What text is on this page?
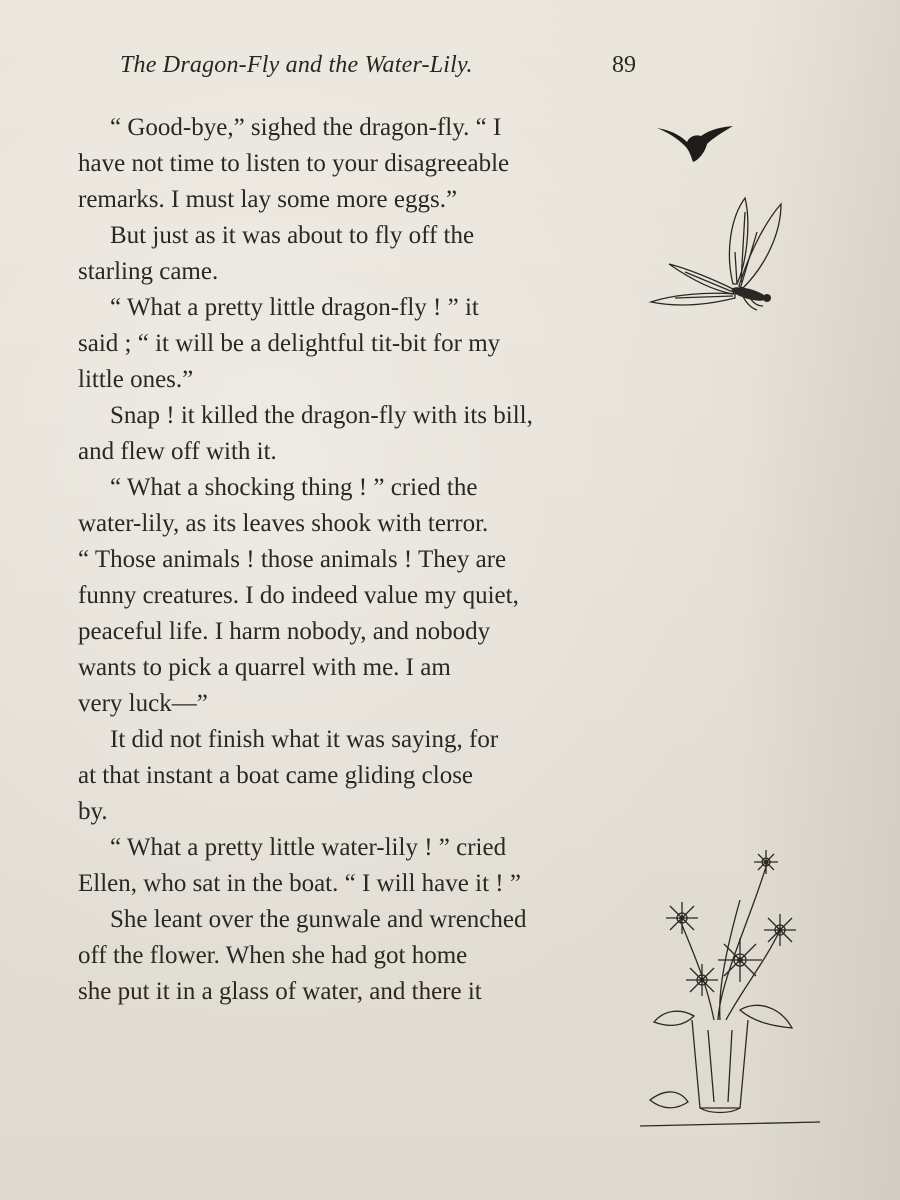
The Dragon-Fly and the Water-Lily.	89

“ Good-bye,” sighed the dragon-fly. “ I
have not time to listen to your disagreeable
remarks. I must lay some more eggs.”

But just as it was about to fly off the
starling came.

“ What a pretty little dragon-fly ! ” it
said ; “ it will be a delightful tit-bit for my
little ones.”

Snap ! it killed the dragon-fly with its bill,
and flew off with it.

“ What a shocking thing ! ” cried the
water-lily, as its leaves shook with terror.
“ Those animals ! those animals ! They are
funny creatures. I do indeed value my quiet,
peaceful life. I harm nobody, and nobody
wants to pick a quarrel with me. I am
very luck—”

It did not finish what it was saying, for
at that instant a boat came gliding close
by.

“ What a pretty little water-lily ! ” cried
Ellen, who sat in the boat. “ I will have it ! ”

She leant over the gunwale and wrenched
off the flower. When she had got home
she put it in a glass of water, and there it
